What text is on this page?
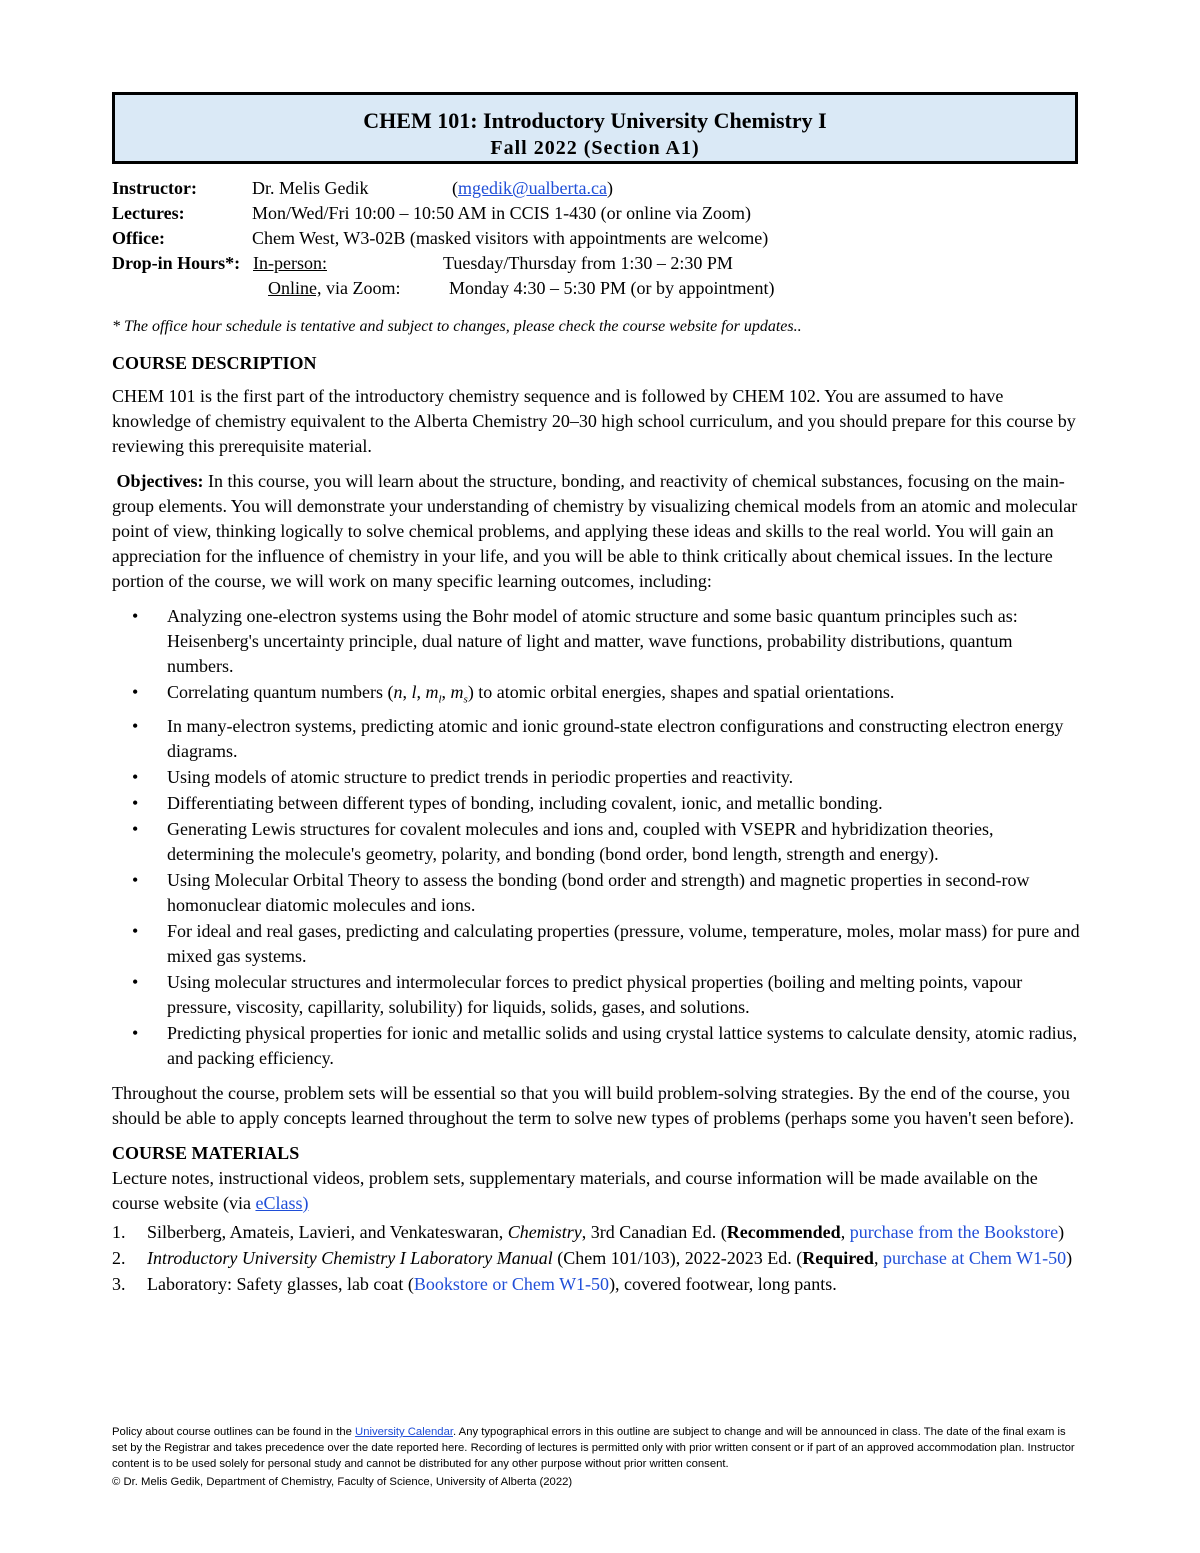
CHEM 101: Introductory University Chemistry I
Fall 2022 (Section A1)
Instructor:	Dr. Melis Gedik	(mgedik@ualberta.ca)
Lectures:	Mon/Wed/Fri 10:00 – 10:50 AM in CCIS 1-430 (or online via Zoom)
Office:	Chem West, W3-02B (masked visitors with appointments are welcome)
Drop-in Hours*: In-person:	Tuesday/Thursday from 1:30 – 2:30 PM
Online, via Zoom:	Monday 4:30 – 5:30 PM (or by appointment)
* The office hour schedule is tentative and subject to changes, please check the course website for updates..
COURSE DESCRIPTION

CHEM 101 is the first part of the introductory chemistry sequence and is followed by CHEM 102. You are assumed to have knowledge of chemistry equivalent to the Alberta Chemistry 20–30 high school curriculum, and you should prepare for this course by reviewing this prerequisite material.

Objectives: In this course, you will learn about the structure, bonding, and reactivity of chemical substances, focusing on the main-group elements. You will demonstrate your understanding of chemistry by visualizing chemical models from an atomic and molecular point of view, thinking logically to solve chemical problems, and applying these ideas and skills to the real world. You will gain an appreciation for the influence of chemistry in your life, and you will be able to think critically about chemical issues. In the lecture portion of the course, we will work on many specific learning outcomes, including:

• Analyzing one-electron systems using the Bohr model of atomic structure and some basic quantum principles such as: Heisenberg's uncertainty principle, dual nature of light and matter, wave functions, probability distributions, quantum numbers.
• Correlating quantum numbers (n, l, $m_l$, $m_s$) to atomic orbital energies, shapes and spatial orientations.
• In many-electron systems, predicting atomic and ionic ground-state electron configurations and constructing electron energy diagrams.
• Using models of atomic structure to predict trends in periodic properties and reactivity.
• Differentiating between different types of bonding, including covalent, ionic, and metallic bonding.
• Generating Lewis structures for covalent molecules and ions and, coupled with VSEPR and hybridization theories, determining the molecule's geometry, polarity, and bonding (bond order, bond length, strength and energy).
• Using Molecular Orbital Theory to assess the bonding (bond order and strength) and magnetic properties in second-row homonuclear diatomic molecules and ions.
• For ideal and real gases, predicting and calculating properties (pressure, volume, temperature, moles, molar mass) for pure and mixed gas systems.
• Using molecular structures and intermolecular forces to predict physical properties (boiling and melting points, vapour pressure, viscosity, capillarity, solubility) for liquids, solids, gases, and solutions.
• Predicting physical properties for ionic and metallic solids and using crystal lattice systems to calculate density, atomic radius, and packing efficiency.

Throughout the course, problem sets will be essential so that you will build problem-solving strategies. By the end of the course, you should be able to apply concepts learned throughout the term to solve new types of problems (perhaps some you haven't seen before).

COURSE MATERIALS

Lecture notes, instructional videos, problem sets, supplementary materials, and course information will be made available on the course website (via eClass)

1. Silberberg, Amateis, Lavieri, and Venkateswaran, Chemistry, 3rd Canadian Ed. (Recommended, purchase from the Bookstore)
2. Introductory University Chemistry I Laboratory Manual (Chem 101/103), 2022-2023 Ed. (Required, purchase at Chem W1-50)
3. Laboratory: Safety glasses, lab coat (Bookstore or Chem W1-50), covered footwear, long pants.
Policy about course outlines can be found in the University Calendar. Any typographical errors in this outline are subject to change and will be announced in class. The date of the final exam is set by the Registrar and takes precedence over the date reported here. Recording of lectures is permitted only with prior written consent or if part of an approved accommodation plan. Instructor content is to be used solely for personal study and cannot be distributed for any other purpose without prior written consent.
© Dr. Melis Gedik, Department of Chemistry, Faculty of Science, University of Alberta (2022)
